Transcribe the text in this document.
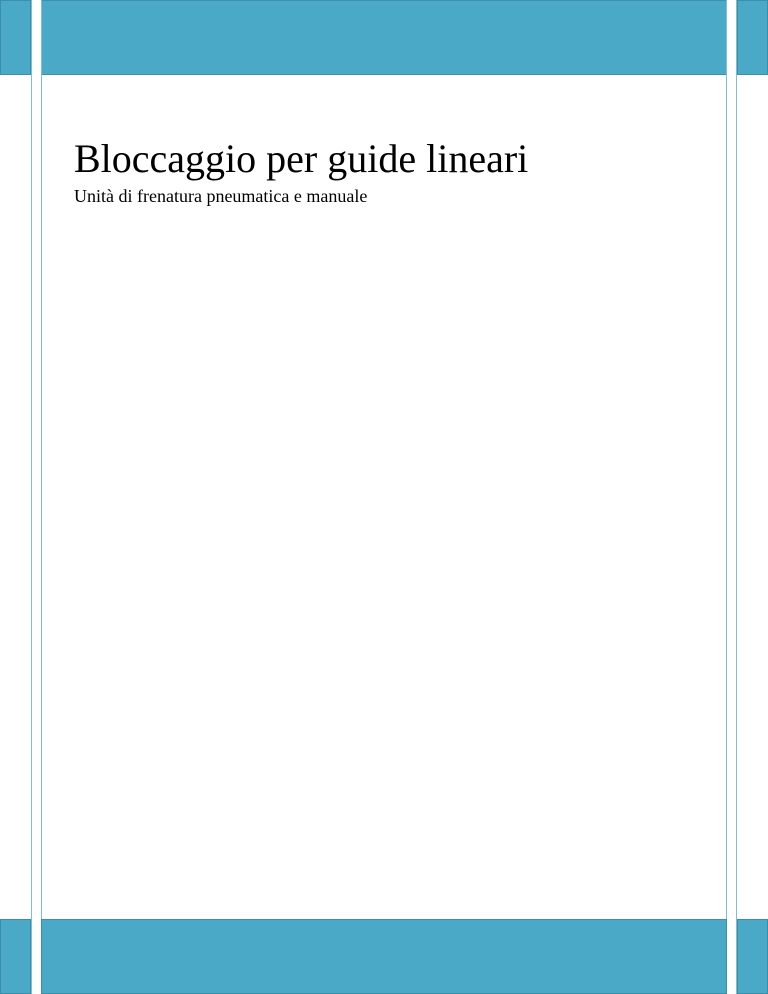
Bloccaggio per guide lineari

Unità di frenatura pneumatica e manuale
